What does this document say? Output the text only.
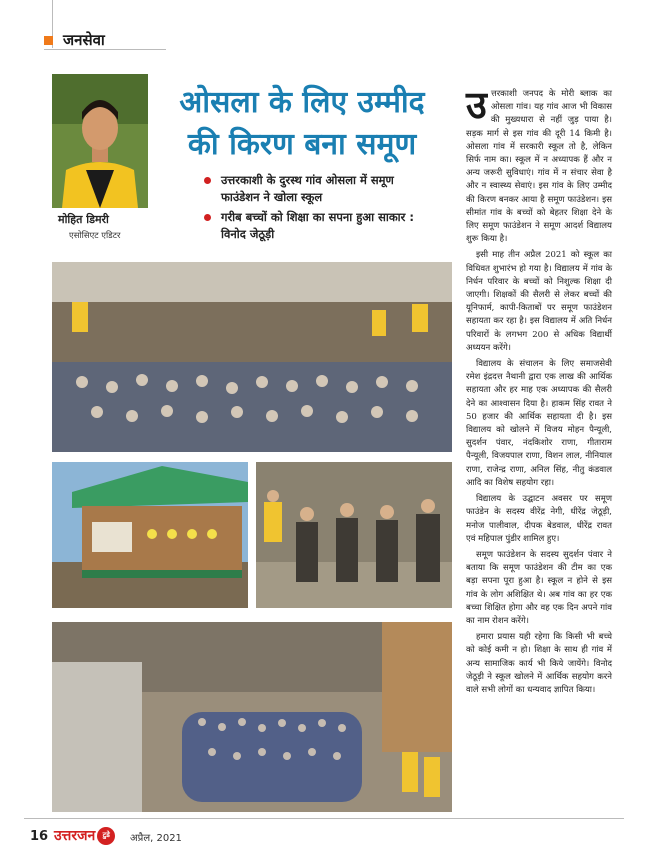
जनसेवा
मोहित डिमरी
एसोसिएट एडिटर
ओसला के लिए उम्मीद
की किरण बना समूण
उत्तरकाशी के दुरस्थ गांव ओसला में समूण फाउंडेशन ने खोला स्कूल
गरीब बच्चों को शिक्षा का सपना हुआ साकार : विनोद जेठूड़ी

उत्तरकाशी जनपद के मोरी ब्लाक का ओसला गांव। यह गांव आज भी विकास की मुख्यधारा से नहीं जुड़ पाया है। सड़क मार्ग से इस गांव की दूरी 14 किमी है। ओसला गांव में सरकारी स्कूल तो है, लेकिन सिर्फ नाम का। स्कूल में न अध्यापक हैं और न अन्य जरूरी सुविधाएं। गांव में न संचार सेवा है और न स्वास्थ्य सेवाएं। इस गांव के लिए उम्मीद की किरण बनकर आया है समूण फाउंडेशन। इस सीमांत गांव के बच्चों को बेहतर शिक्षा देने के लिए समूण फाउंडेशन ने समूण आदर्श विद्यालय शुरू किया है।

इसी माह तीन अप्रैल 2021 को स्कूल का विधिवत शुभारंभ हो गया है। विद्यालय में गांव के निर्धन परिवार के बच्चों को निशुल्क शिक्षा दी जाएगी। शिक्षकों की सैलरी से लेकर बच्चों की यूनिफार्म, कापी-किताबों पर समूण फाउंडेशन सहायता कर रहा है। इस विद्यालय में अति निर्धन परिवारों के लगभग 200 से अधिक विद्यार्थी अध्ययन करेंगे।

विद्यालय के संचालन के लिए समाजसेवी रमेश इंद्रदत्त नैथानी द्वारा एक लाख की आर्थिक सहायता और हर माह एक अध्यापक की सैलरी देने का आश्वासन दिया है। हाकम सिंह रावत ने 50 हजार की आर्थिक सहायता दी है। इस विद्यालय को खोलने में विजय मोहन पैन्यूली, सुदर्शन पंवार, नंदकिशोर राणा, गीताराम पैन्यूली, विजयपाल राणा, विशन लाल, नीनियाल राणा, राजेन्द्र राणा, अनिल सिंह, नीतु कंडवाल आदि का विशेष सहयोग रहा।

विद्यालय के उद्घाटन अवसर पर समूण फाउंडेन के सदस्य वीरेंद्र नेगी, धीरेंद्र जेठूड़ी, मनोज पालीवाल, दीपक बेडवाल, धीरेंद्र रावत एवं महिपाल पुंडीर शामिल हुए।

समूण फाउंडेशन के सदस्य सुदर्शन पंवार ने बताया कि समूण फाउंडेशन की टीम का एक बड़ा सपना पूरा हुआ है। स्कूल न होने से इस गांव के लोग अशिक्षित थे। अब गांव का हर एक बच्चा शिक्षित होगा और वह एक दिन अपने गांव का नाम रोशन करेंगे।

हमारा प्रयास यही रहेगा कि किसी भी बच्चे को कोई कमी न हो। शिक्षा के साथ ही गांव में अन्य सामाजिक कार्य भी किये जायेंगे। विनोद जेठूड़ी ने स्कूल खोलने में आर्थिक सहयोग करने वाले सभी लोगों का धन्यवाद ज्ञापित किया।

16 उत्तरजन	टुडे	अप्रैल, 2021
